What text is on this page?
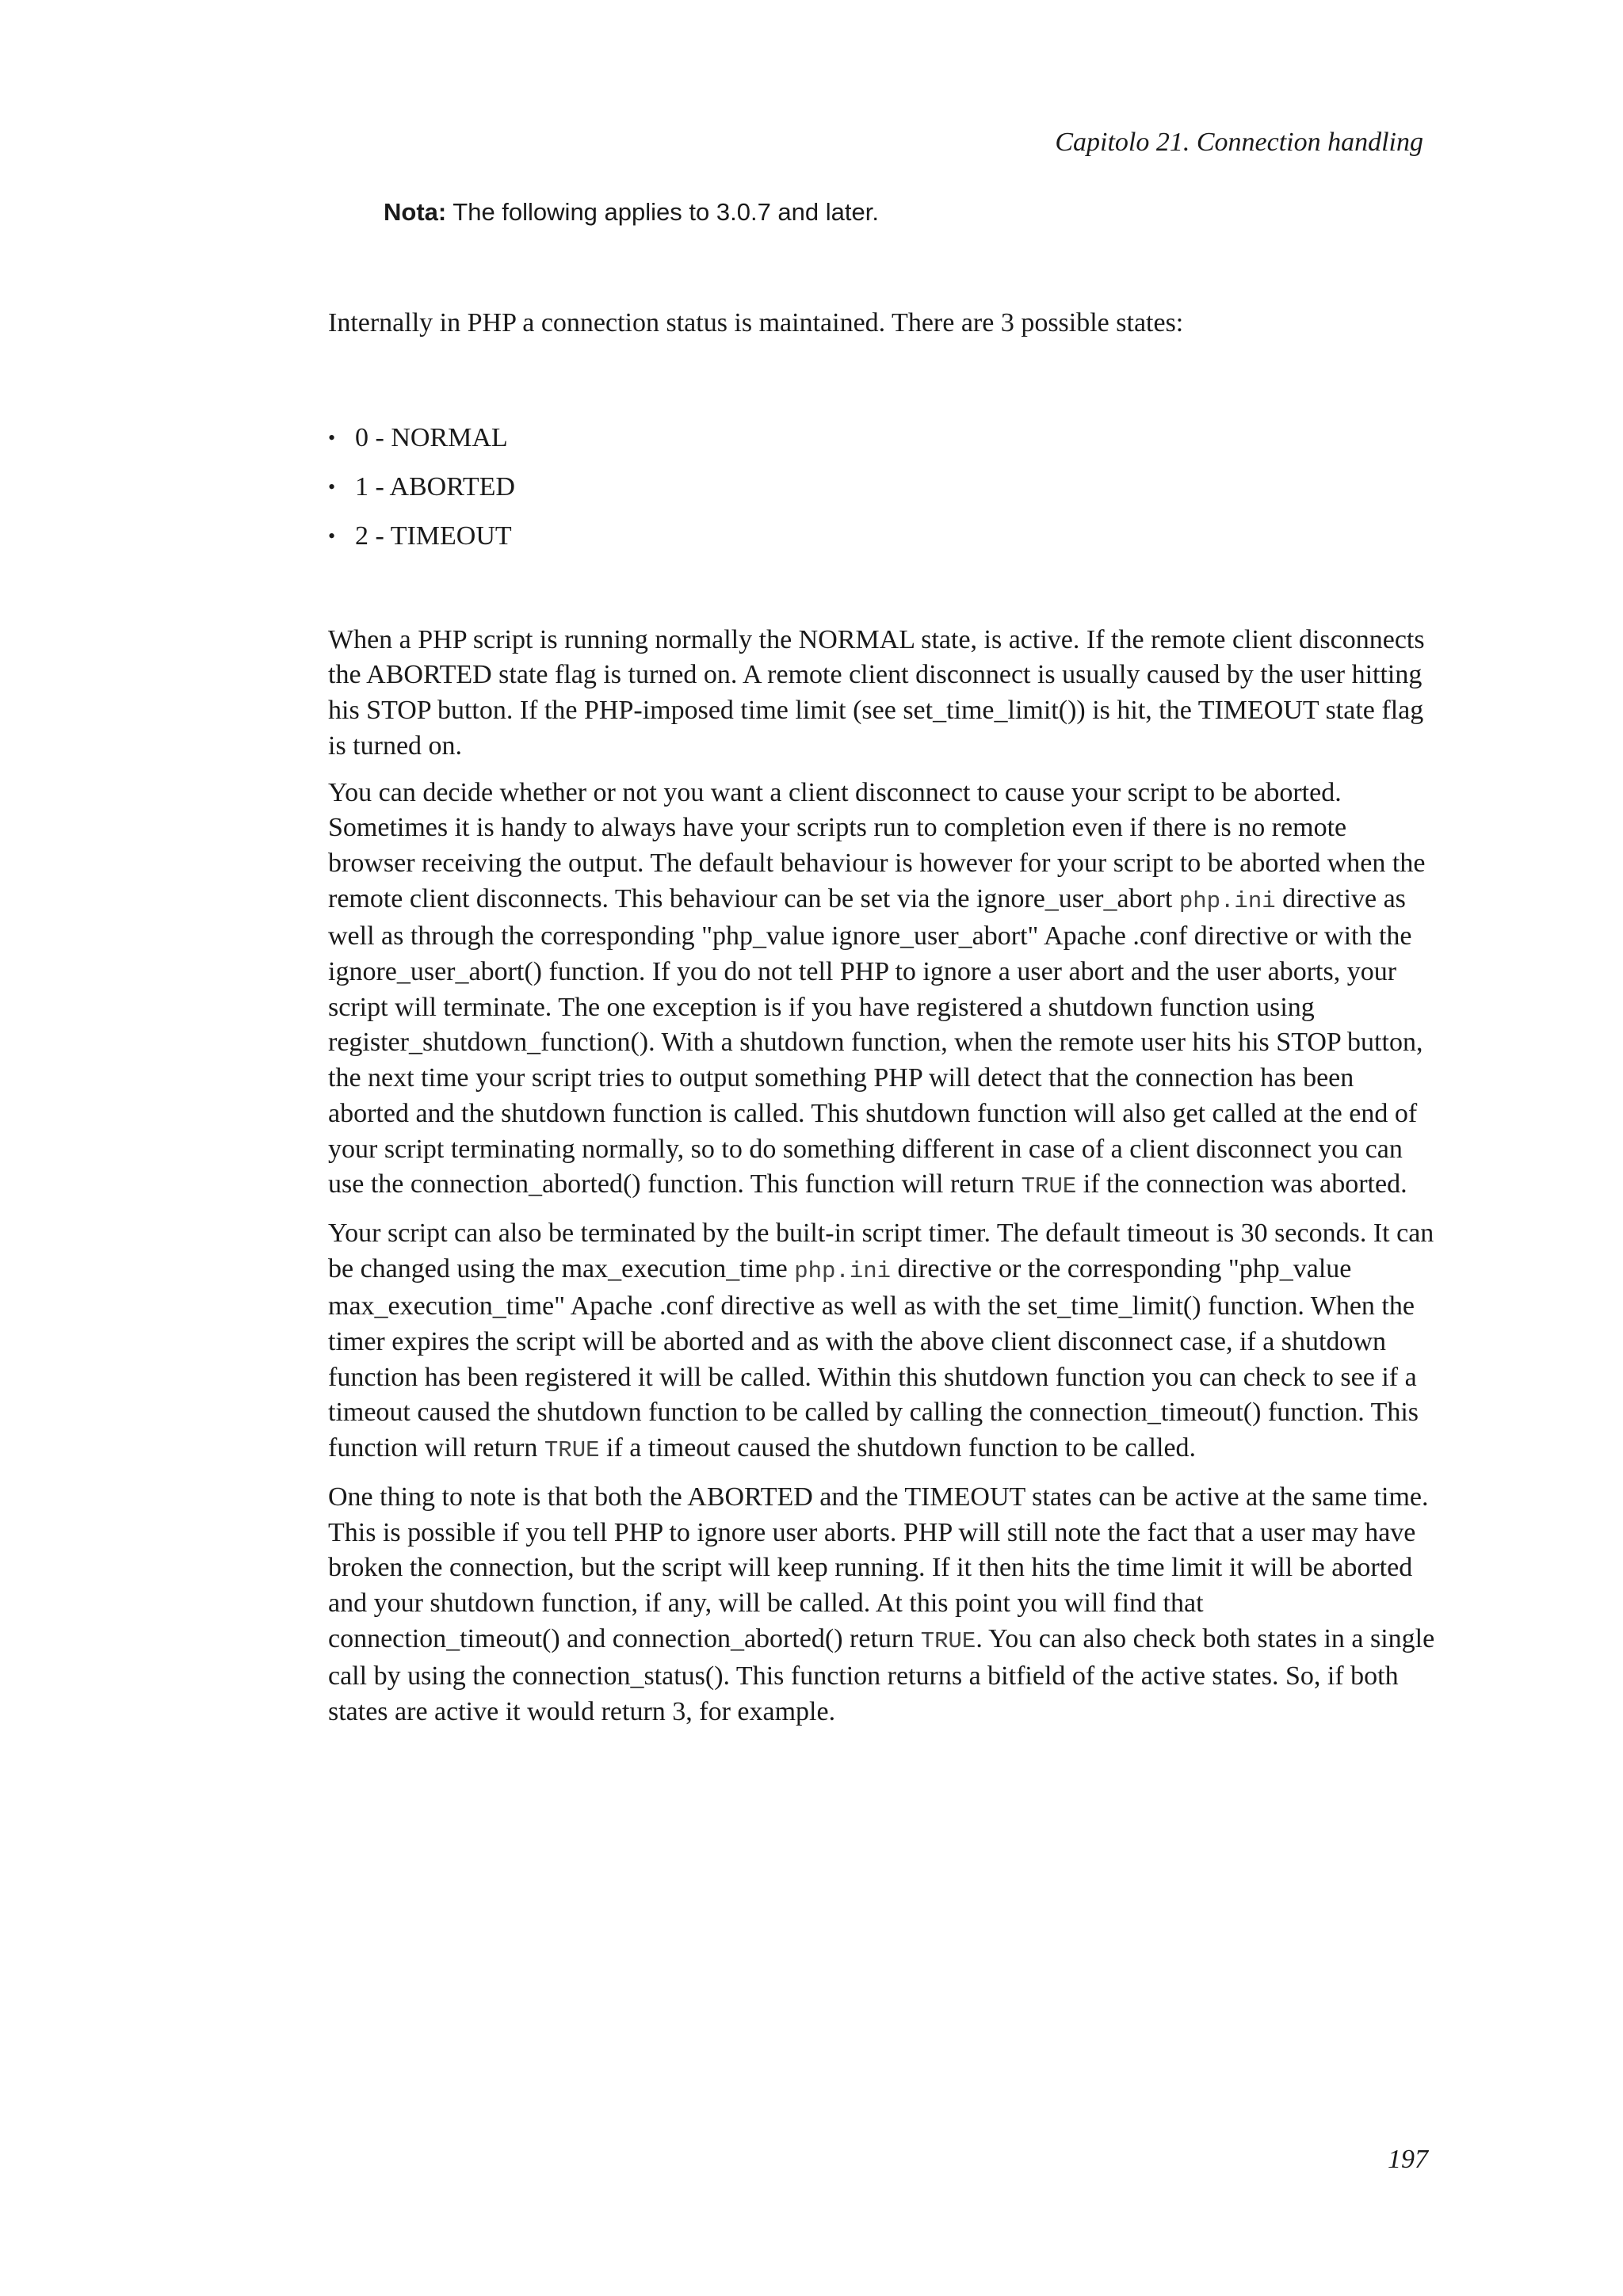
Capitolo 21. Connection handling
Nota: The following applies to 3.0.7 and later.

Internally in PHP a connection status is maintained. There are 3 possible states:

• 0 - NORMAL
• 1 - ABORTED
• 2 - TIMEOUT

When a PHP script is running normally the NORMAL state, is active. If the remote client disconnects the ABORTED state flag is turned on. A remote client disconnect is usually caused by the user hitting his STOP button. If the PHP-imposed time limit (see set_time_limit()) is hit, the TIMEOUT state flag is turned on.

You can decide whether or not you want a client disconnect to cause your script to be aborted. Sometimes it is handy to always have your scripts run to completion even if there is no remote browser receiving the output. The default behaviour is however for your script to be aborted when the remote client disconnects. This behaviour can be set via the ignore_user_abort php.ini directive as well as through the corresponding "php_value ignore_user_abort" Apache .conf directive or with the ignore_user_abort() function. If you do not tell PHP to ignore a user abort and the user aborts, your script will terminate. The one exception is if you have registered a shutdown function using register_shutdown_function(). With a shutdown function, when the remote user hits his STOP button, the next time your script tries to output something PHP will detect that the connection has been aborted and the shutdown function is called. This shutdown function will also get called at the end of your script terminating normally, so to do something different in case of a client disconnect you can use the connection_aborted() function. This function will return TRUE if the connection was aborted.

Your script can also be terminated by the built-in script timer. The default timeout is 30 seconds. It can be changed using the max_execution_time php.ini directive or the corresponding "php_value max_execution_time" Apache .conf directive as well as with the set_time_limit() function. When the timer expires the script will be aborted and as with the above client disconnect case, if a shutdown function has been registered it will be called. Within this shutdown function you can check to see if a timeout caused the shutdown function to be called by calling the connection_timeout() function. This function will return TRUE if a timeout caused the shutdown function to be called.

One thing to note is that both the ABORTED and the TIMEOUT states can be active at the same time. This is possible if you tell PHP to ignore user aborts. PHP will still note the fact that a user may have broken the connection, but the script will keep running. If it then hits the time limit it will be aborted and your shutdown function, if any, will be called. At this point you will find that connection_timeout() and connection_aborted() return TRUE. You can also check both states in a single call by using the connection_status(). This function returns a bitfield of the active states. So, if both states are active it would return 3, for example.

197
